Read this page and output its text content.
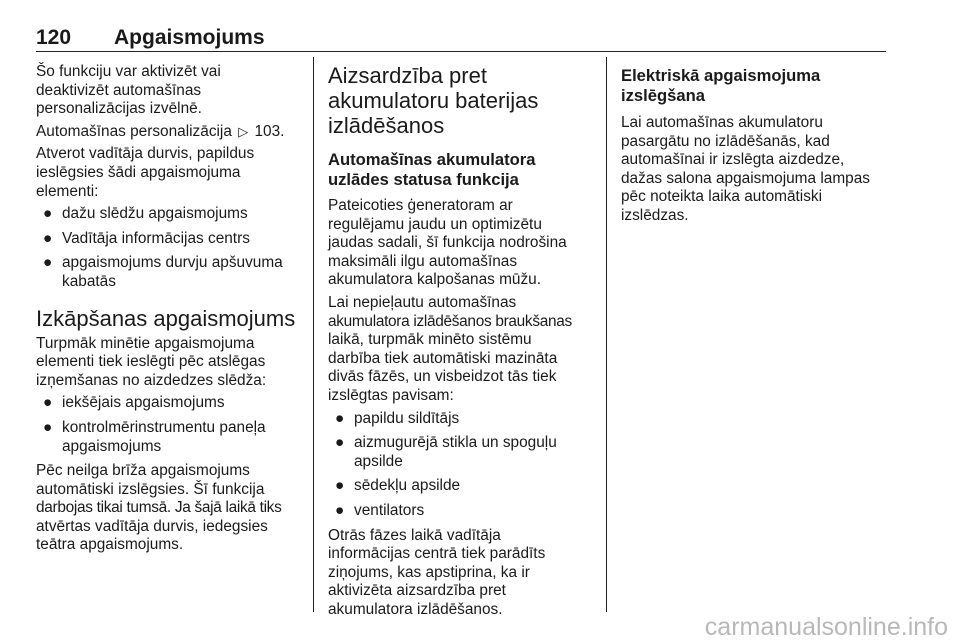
120 Apgaismojums

Šo funkciju var aktivizēt vai
deaktivizēt automašīnas
personalizācijas izvēlnē.

Automašīnas personalizācija ▷ 103.

Atverot vadītāja durvis, papildus
ieslēgsies šādi apgaismojuma
elementi:

● dažu slēdžu apgaismojums
● Vadītāja informācijas centrs
● apgaismojums durvju apšuvuma
kabatās
Izkāpšanas apgaismojums

Turpmāk minētie apgaismojuma
elementi tiek ieslēgti pēc atslēgas
izņemšanas no aizdedzes slēdža:

● iekšējais apgaismojums
● kontrolmērinstrumentu paneļa
apgaismojums

Pēc neilga brīža apgaismojums
automātiski izslēgsies. Šī funkcija
darbojas tikai tumsā. Ja šajā laikā tiks
atvērtas vadītāja durvis, iedegsies
teātra apgaismojums.

Aizsardzība pret
akumulatoru baterijas
izlādēšanos
Automašīnas akumulatora
uzlādes statusa funkcija

Pateicoties ģeneratoram ar
regulējamu jaudu un optimizētu
jaudas sadali, šī funkcija nodrošina
maksimāli ilgu automašīnas
akumulatora kalpošanas mūžu.

Lai nepieļautu automašīnas
akumulatora izlādēšanos braukšanas
laikā, turpmāk minēto sistēmu
darbība tiek automātiski mazināta
divās fāzēs, un visbeidzot tās tiek
izslēgtas pavisam:

● papildu sildītājs
● aizmugurējā stikla un spoguļu
apsilde
● sēdekļu apsilde
● ventilators

Otrās fāzes laikā vadītāja
informācijas centrā tiek parādīts
ziņojums, kas apstiprina, ka ir
aktivizēta aizsardzība pret
akumulatora izlādēšanos.

Elektriskā apgaismojuma
izslēgšana

Lai automašīnas akumulatoru
pasargātu no izlādēšanās, kad
automašīnai ir izslēgta aizdedze,
dažas salona apgaismojuma lampas
pēc noteikta laika automātiski
izslēdzas.

carmanualsonline.info
